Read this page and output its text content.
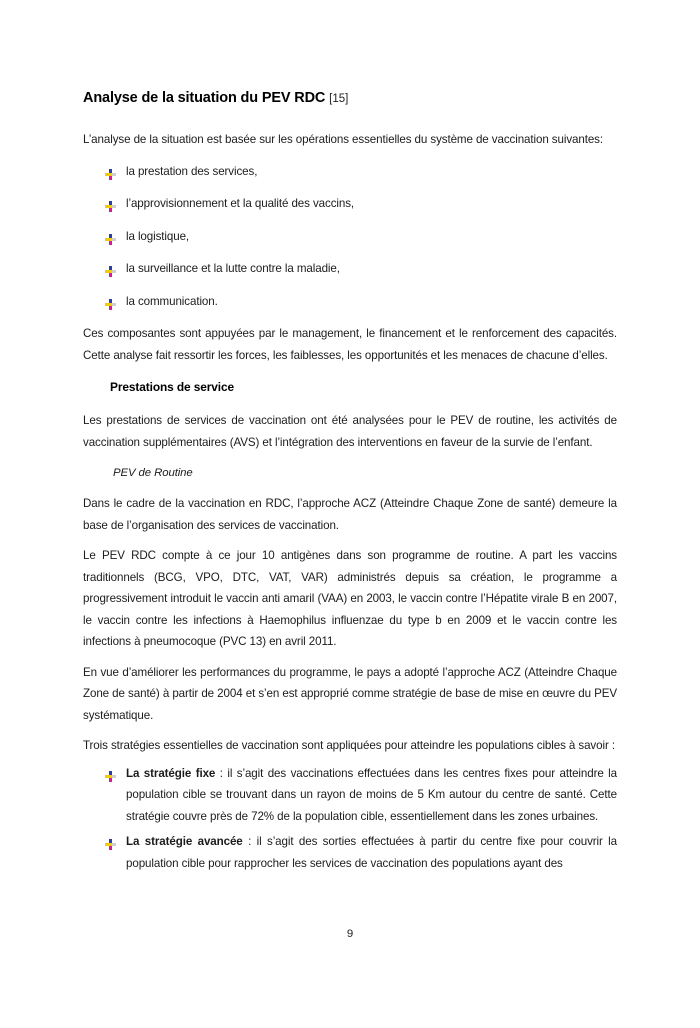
Analyse de la situation du PEV RDC [15]

L’analyse de la situation est basée sur les opérations essentielles du système de vaccination suivantes:

la prestation des services,
l’approvisionnement et la qualité des vaccins,
la logistique,
la surveillance et la lutte contre la maladie,
la communication.

Ces composantes sont appuyées par le management, le financement et le renforcement des capacités. Cette analyse fait ressortir les forces, les faiblesses, les opportunités et les menaces de chacune d’elles.

Prestations de service

Les prestations de services de vaccination ont été analysées pour le PEV de routine, les activités de vaccination supplémentaires (AVS) et l’intégration des interventions en faveur de la survie de l’enfant.

PEV de Routine

Dans le cadre de la vaccination en RDC, l’approche ACZ (Atteindre Chaque Zone de santé) demeure la base de l’organisation des services de vaccination.

Le PEV RDC compte à ce jour 10 antigènes dans son programme de routine. A part les vaccins traditionnels (BCG, VPO, DTC, VAT, VAR) administrés depuis sa création, le programme a progressivement introduit le vaccin anti amaril (VAA) en 2003, le vaccin contre l’Hépatite virale B en 2007, le vaccin contre les infections à Haemophilus influenzae du type b en 2009 et le vaccin contre les infections à pneumocoque (PVC 13) en avril 2011.

En vue d’améliorer les performances du programme, le pays a adopté l’approche ACZ (Atteindre Chaque Zone de santé) à partir de 2004 et s’en est approprié comme stratégie de base de mise en œuvre du PEV systématique.

Trois stratégies essentielles de vaccination sont appliquées pour atteindre les populations cibles à savoir :

La stratégie fixe : il s’agit des vaccinations effectuées dans les centres fixes pour atteindre la population cible se trouvant dans un rayon de moins de 5 Km autour du centre de santé. Cette stratégie couvre près de 72% de la population cible, essentiellement dans les zones urbaines.
La stratégie avancée : il s’agit des sorties effectuées à partir du centre fixe pour couvrir la population cible pour rapprocher les services de vaccination des populations ayant des
9
